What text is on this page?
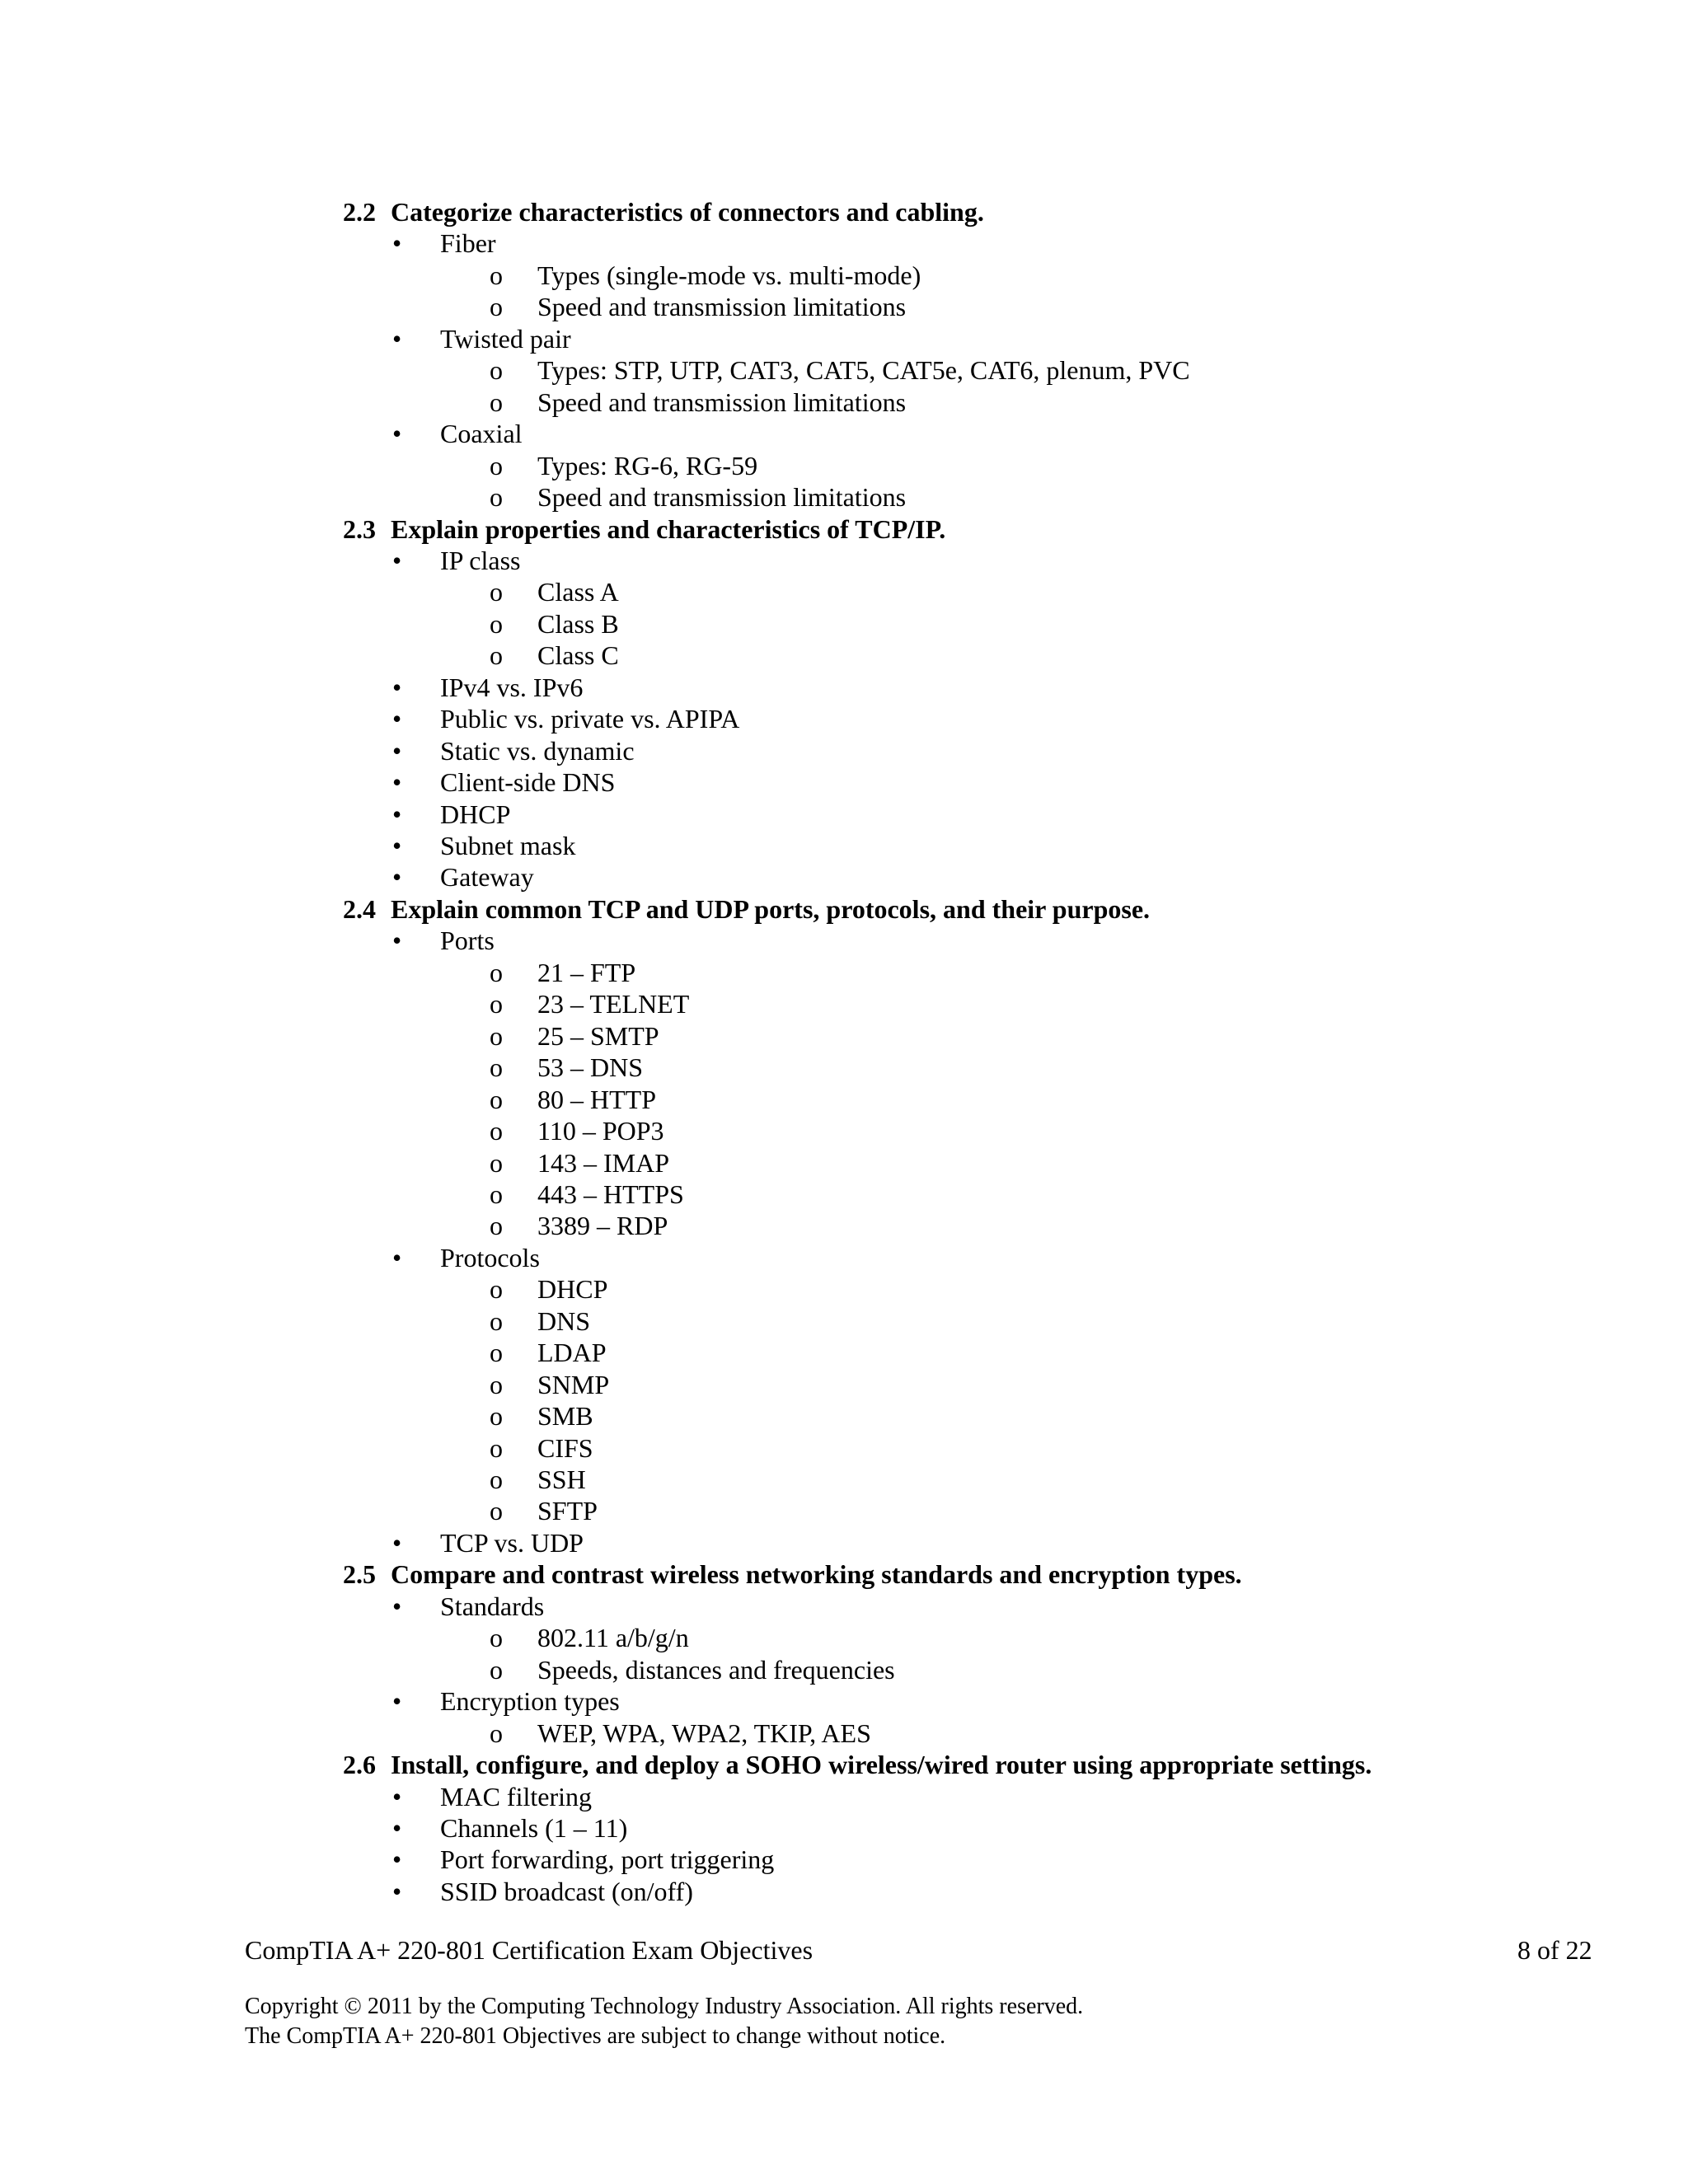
2.2 Categorize characteristics of connectors and cabling.
• Fiber
o Types (single-mode vs. multi-mode)
o Speed and transmission limitations
• Twisted pair
o Types: STP, UTP, CAT3, CAT5, CAT5e, CAT6, plenum, PVC
o Speed and transmission limitations
• Coaxial
o Types: RG-6, RG-59
o Speed and transmission limitations
2.3 Explain properties and characteristics of TCP/IP.
• IP class
o Class A
o Class B
o Class C
• IPv4 vs. IPv6
• Public vs. private vs. APIPA
• Static vs. dynamic
• Client-side DNS
• DHCP
• Subnet mask
• Gateway
2.4 Explain common TCP and UDP ports, protocols, and their purpose.
• Ports
o 21 – FTP
o 23 – TELNET
o 25 – SMTP
o 53 – DNS
o 80 – HTTP
o 110 – POP3
o 143 – IMAP
o 443 – HTTPS
o 3389 – RDP
• Protocols
o DHCP
o DNS
o LDAP
o SNMP
o SMB
o CIFS
o SSH
o SFTP
• TCP vs. UDP
2.5 Compare and contrast wireless networking standards and encryption types.
• Standards
o 802.11 a/b/g/n
o Speeds, distances and frequencies
• Encryption types
o WEP, WPA, WPA2, TKIP, AES
2.6 Install, configure, and deploy a SOHO wireless/wired router using appropriate settings.
• MAC filtering
• Channels (1 – 11)
• Port forwarding, port triggering
• SSID broadcast (on/off)
CompTIA A+ 220-801 Certification Exam Objectives	8 of 22
Copyright © 2011 by the Computing Technology Industry Association. All rights reserved.
The CompTIA A+ 220-801 Objectives are subject to change without notice.
